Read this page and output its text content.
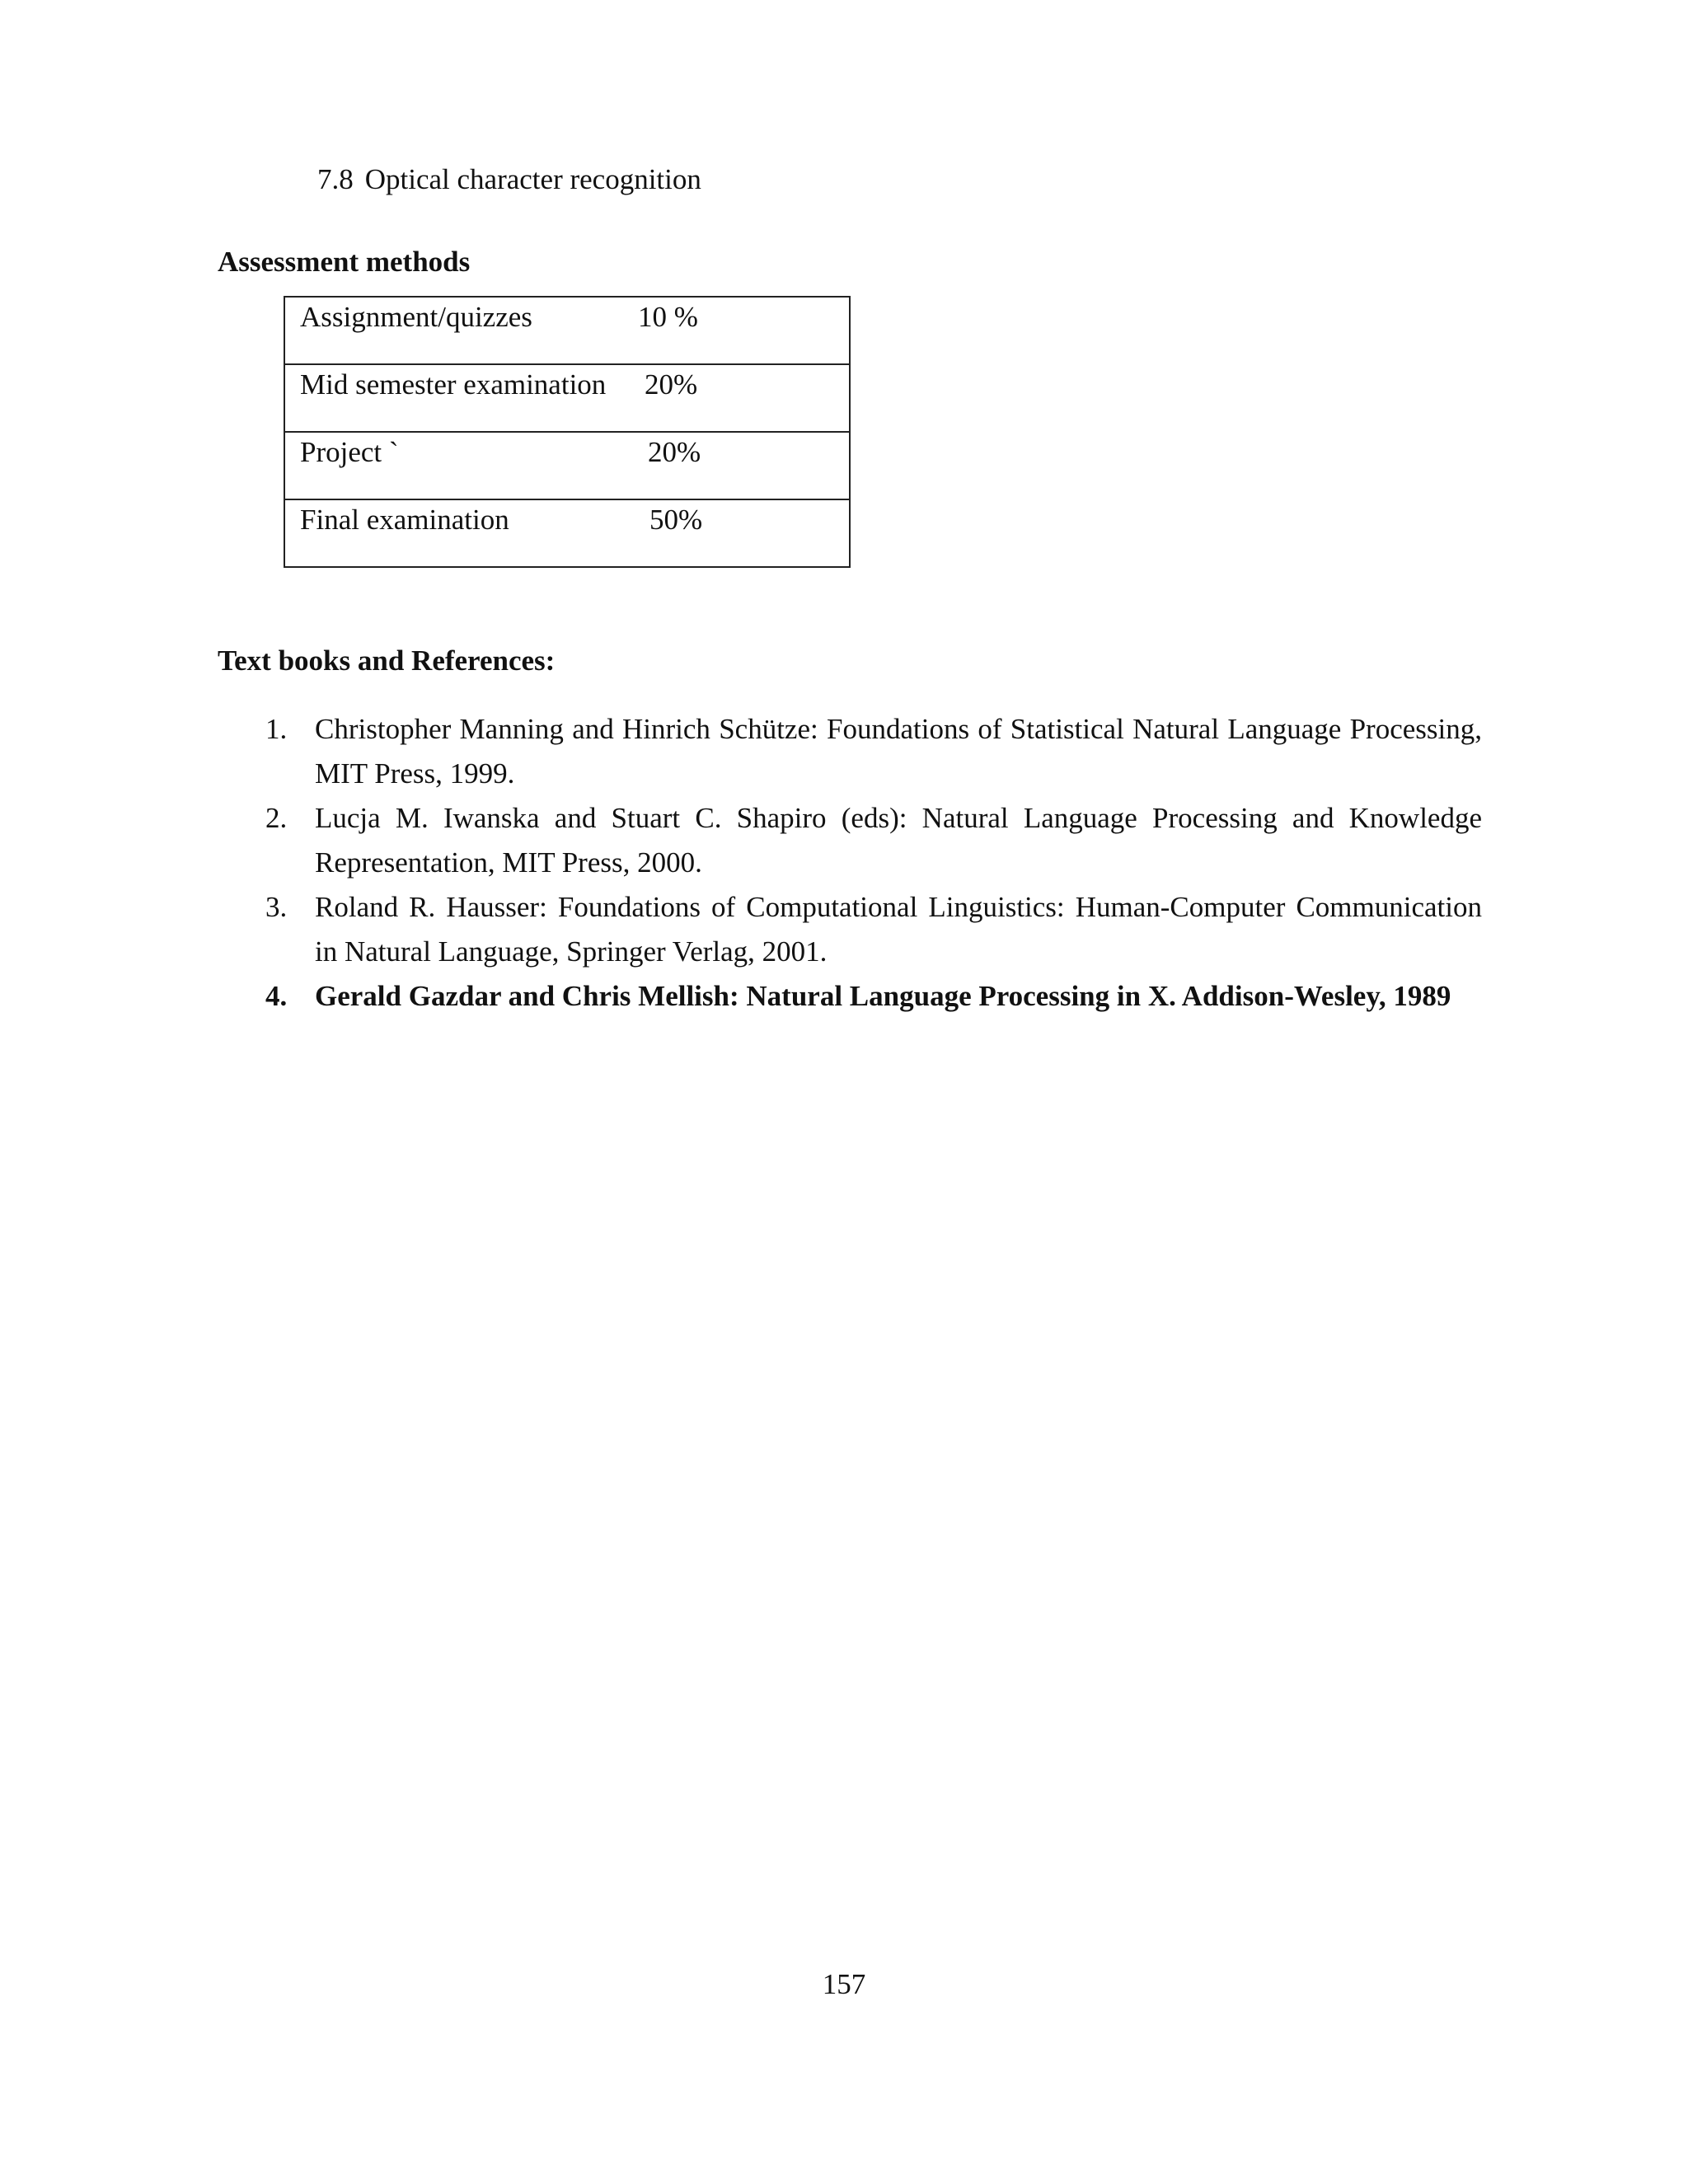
7.8 Optical character recognition
Assessment methods
Assignment/quizzes	10 %

Mid semester examination 20%

Project `	20%

Final examination	50%
Text books and References:
1. Christopher Manning and Hinrich Schütze: Foundations of Statistical Natural Language Processing, MIT Press, 1999.
2. Lucja M. Iwanska and Stuart C. Shapiro (eds): Natural Language Processing and Knowledge Representation, MIT Press, 2000.
3. Roland R. Hausser: Foundations of Computational Linguistics: Human-Computer Communication in Natural Language, Springer Verlag, 2001.
4. Gerald Gazdar and Chris Mellish: Natural Language Processing in X. Addison-Wesley, 1989
157
